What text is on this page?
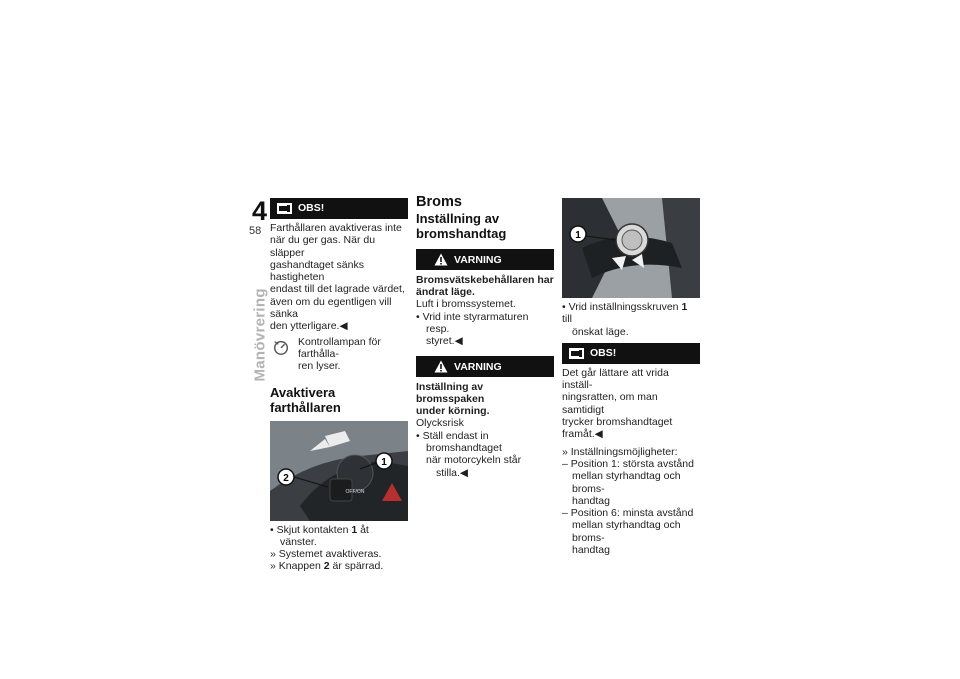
4
58
Manövrering
OBS!

Farthållaren avaktiveras inte

när du ger gas. När du släpper

gashandtaget sänks hastigheten

endast till det lagrade värdet,

även om du egentligen vill sänka

den ytterligare.◀

Kontrollampan för farthålla-

ren lyser.

Avaktivera farthållaren
1
2
OFF/ON

• Skjut kontakten 1 åt vänster.

» Systemet avaktiveras.

» Knappen 2 är spärrad.

Broms
Inställning av
bromshandtag
VARNING
Bromsvätskebehållaren har
ändrat läge.

Luft i bromssystemet.

• Vrid inte styrarmaturen resp.

styret.◀

VARNING
Inställning av bromsspaken
under körning.

Olycksrisk

• Ställ endast in bromshandtaget

när motorcykeln står stilla.◀

1

• Vrid inställningsskruven 1 till

önskat läge.

OBS!

Det går lättare att vrida inställ-

ningsratten, om man samtidigt

trycker bromshandtaget framåt.◀

» Inställningsmöjligheter:

– Position 1: största avstånd

mellan styrhandtag och broms-

handtag

– Position 6: minsta avstånd

mellan styrhandtag och broms-

handtag
